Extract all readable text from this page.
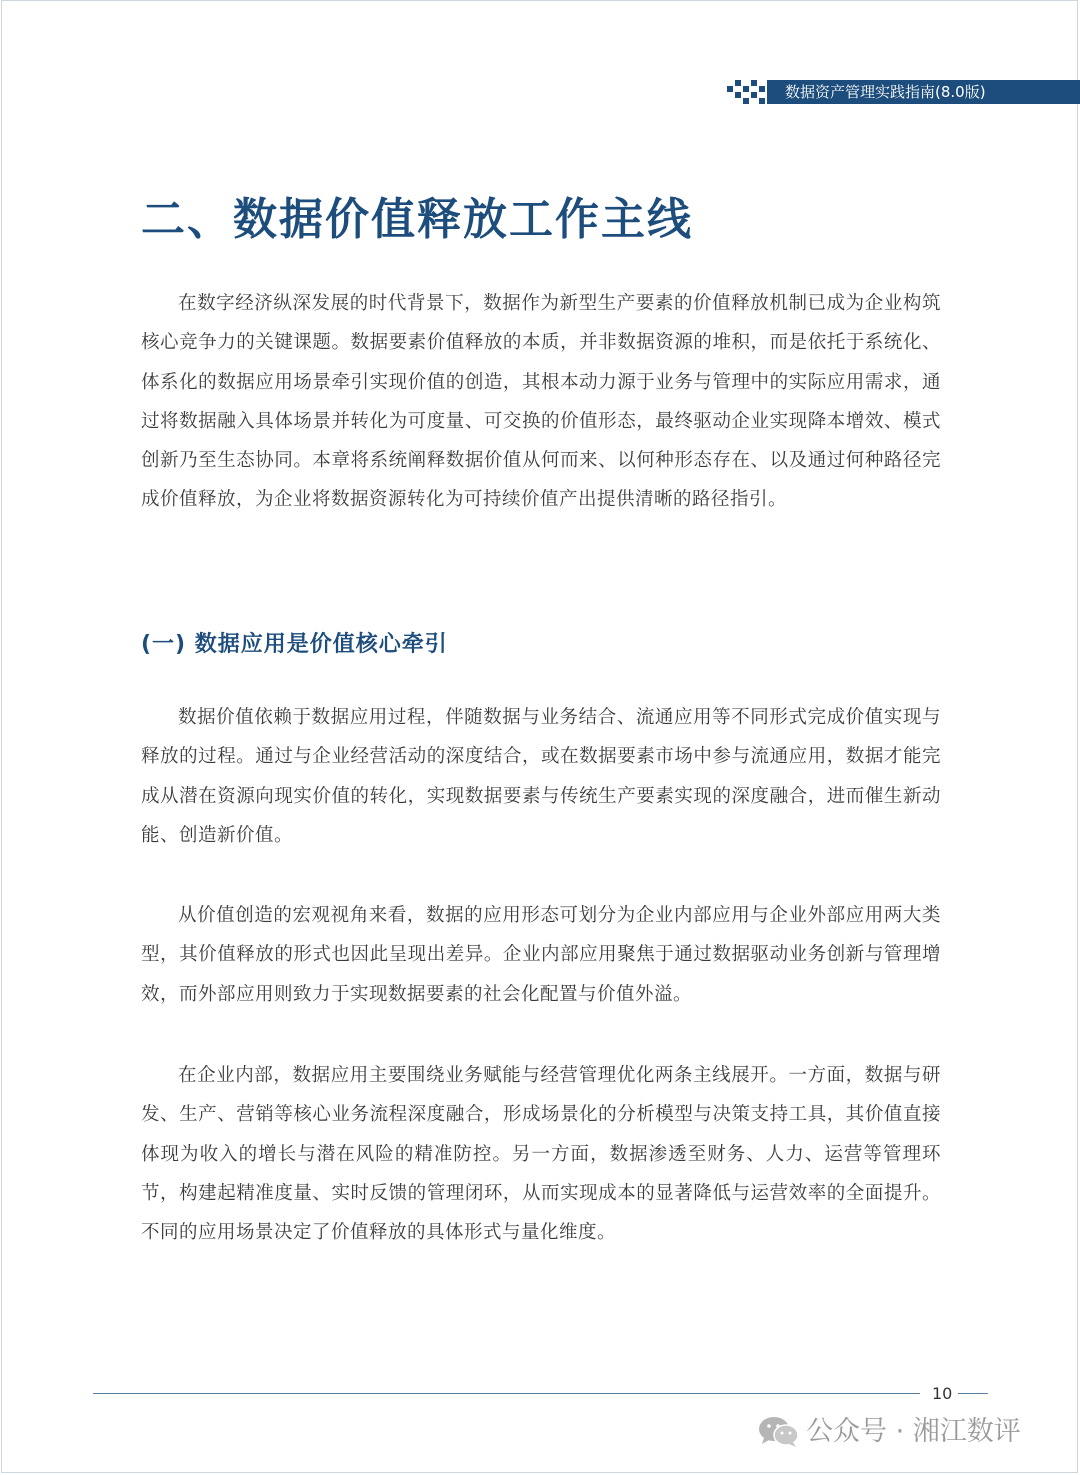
数据资产管理实践指南(8.0版)
二、数据价值释放工作主线

在数字经济纵深发展的时代背景下，数据作为新型生产要素的价值释放机制已成为企业构筑核心竞争力的关键课题。数据要素价值释放的本质，并非数据资源的堆积，而是依托于系统化、体系化的数据应用场景牵引实现价值的创造，其根本动力源于业务与管理中的实际应用需求，通过将数据融入具体场景并转化为可度量、可交换的价值形态，最终驱动企业实现降本增效、模式创新乃至生态协同。本章将系统阐释数据价值从何而来、以何种形态存在、以及通过何种路径完成价值释放，为企业将数据资源转化为可持续价值产出提供清晰的路径指引。

(一) 数据应用是价值核心牵引

数据价值依赖于数据应用过程，伴随数据与业务结合、流通应用等不同形式完成价值实现与释放的过程。通过与企业经营活动的深度结合，或在数据要素市场中参与流通应用，数据才能完成从潜在资源向现实价值的转化，实现数据要素与传统生产要素实现的深度融合，进而催生新动能、创造新价值。

从价值创造的宏观视角来看，数据的应用形态可划分为企业内部应用与企业外部应用两大类型，其价值释放的形式也因此呈现出差异。企业内部应用聚焦于通过数据驱动业务创新与管理增效，而外部应用则致力于实现数据要素的社会化配置与价值外溢。

在企业内部，数据应用主要围绕业务赋能与经营管理优化两条主线展开。一方面，数据与研发、生产、营销等核心业务流程深度融合，形成场景化的分析模型与决策支持工具，其价值直接体现为收入的增长与潜在风险的精准防控。另一方面，数据渗透至财务、人力、运营等管理环节，构建起精准度量、实时反馈的管理闭环，从而实现成本的显著降低与运营效率的全面提升。不同的应用场景决定了价值释放的具体形式与量化维度。

10
公众号 · 湘江数评
